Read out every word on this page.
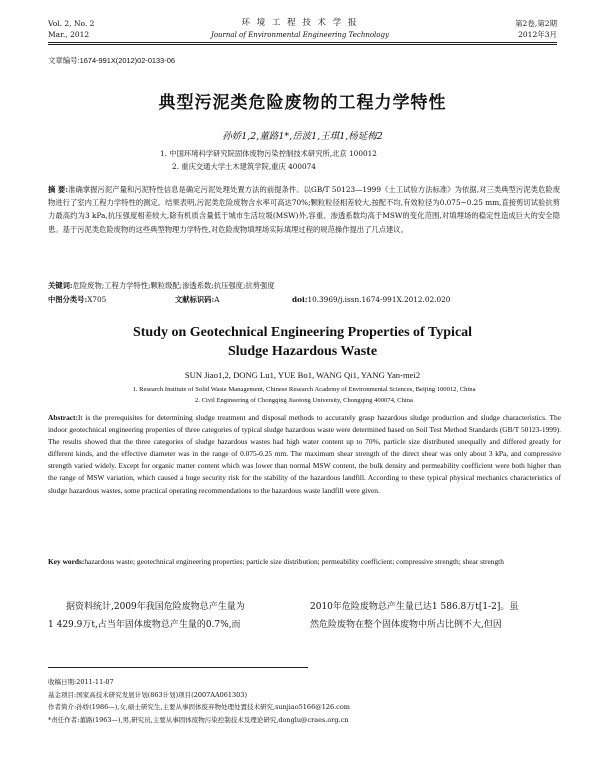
Vol. 2, No. 2
Mar., 2012
环 境 工 程 技 术 学 报
Journal of Environmental Engineering Technology
第2卷,第2期
2012年3月
文章编号:1674-991X(2012)02-0133-06
典型污泥类危险废物的工程力学特性
孙娇1,2,董路1*,岳波1,王琪1,杨延梅2
1. 中国环境科学研究院固体废物污染控制技术研究所,北京 100012
2. 重庆交通大学土木建筑学院,重庆 400074
摘 要:准确掌握污泥产量和污泥特性信息是确定污泥处理处置方法的前提条件。以GB/T 50123—1999《土工试验方法标准》为依据,对三类典型污泥类危险废物进行了室内工程力学特性的测定。结果表明,污泥类危险废物含水率可高达70%;颗粒粒径相差较大,按配不均,有效粒径为0.075~0.25 mm,直接剪切试验抗剪力最高约为3 kPa,抗压强度相差较大,除有机质含量低于城市生活垃圾(MSW)外,容重、渗透系数均高于MSW的变化范围,对填埋场的稳定性造成巨大的安全隐患。基于污泥类危险废物的这些典型物理力学特性,对危险废物填埋场实际填埋过程的规范操作提出了几点建议。
关键词:危险废物;工程力学特性;颗粒级配;渗透系数;抗压强度;抗剪强度
中图分类号:X705	文献标识码:A	doi:10.3969/j.issn.1674-991X.2012.02.020
Study on Geotechnical Engineering Properties of Typical
Sludge Hazardous Waste
SUN Jiao1,2, DONG Lu1, YUE Bo1, WANG Qi1, YANG Yan-mei2
1. Research Institute of Solid Waste Management, Chinese Research Academy of Environmental Sciences, Beijing 100012, China
2. Civil Engineering of Chongqing Jiaotong University, Chongqing 400074, China
Abstract:It is the prerequisites for determining sludge treatment and disposal methods to accurately grasp hazardous sludge production and sludge characteristics. The indoor geotechnical engineering properties of three categories of typical sludge hazardous waste were determined based on Soil Test Method Standards (GB/T 50123-1999). The results showed that the three categories of sludge hazardous wastes had high water content up to 70%, particle size distributed unequally and differed greatly for different kinds, and the effective diameter was in the range of 0.075-0.25 mm. The maximum shear strength of the direct shear was only about 3 kPa, and compressive strength varied widely. Except for organic matter content which was lower than normal MSW content, the bulk density and permeability coefficient were both higher than the range of MSW variation, which caused a huge security risk for the stability of the hazardous landfill. According to these typical physical mechanics characteristics of sludge hazardous wastes, some practical operating recommendations to the hazardous waste landfill were given.
Key words:hazardous waste; geotechnical engineering properties; particle size distribution; permeability coefficient; compressive strength; shear strength
据资料统计,2009年我国危险废物总产生量为
1 429.9万t,占当年固体废物总产生量的0.7%,而
2010年危险废物总产生量已达1 586.8万t[1-2]。虽
然危险废物在整个固体废物中所占比例不大,但因
收稿日期:2011-11-07
基金项目:国家高技术研究发展计划(863计划)项目(2007AA061303)
作者简介:孙娇(1986—),女,硕士研究生,主要从事固体废弃物处理处置技术研究,sunjiao5166@126.com
*责任作者:董路(1963—),男,研究员,主要从事固体废物污染控制技术及理论研究,donglu@craes.org.cn
